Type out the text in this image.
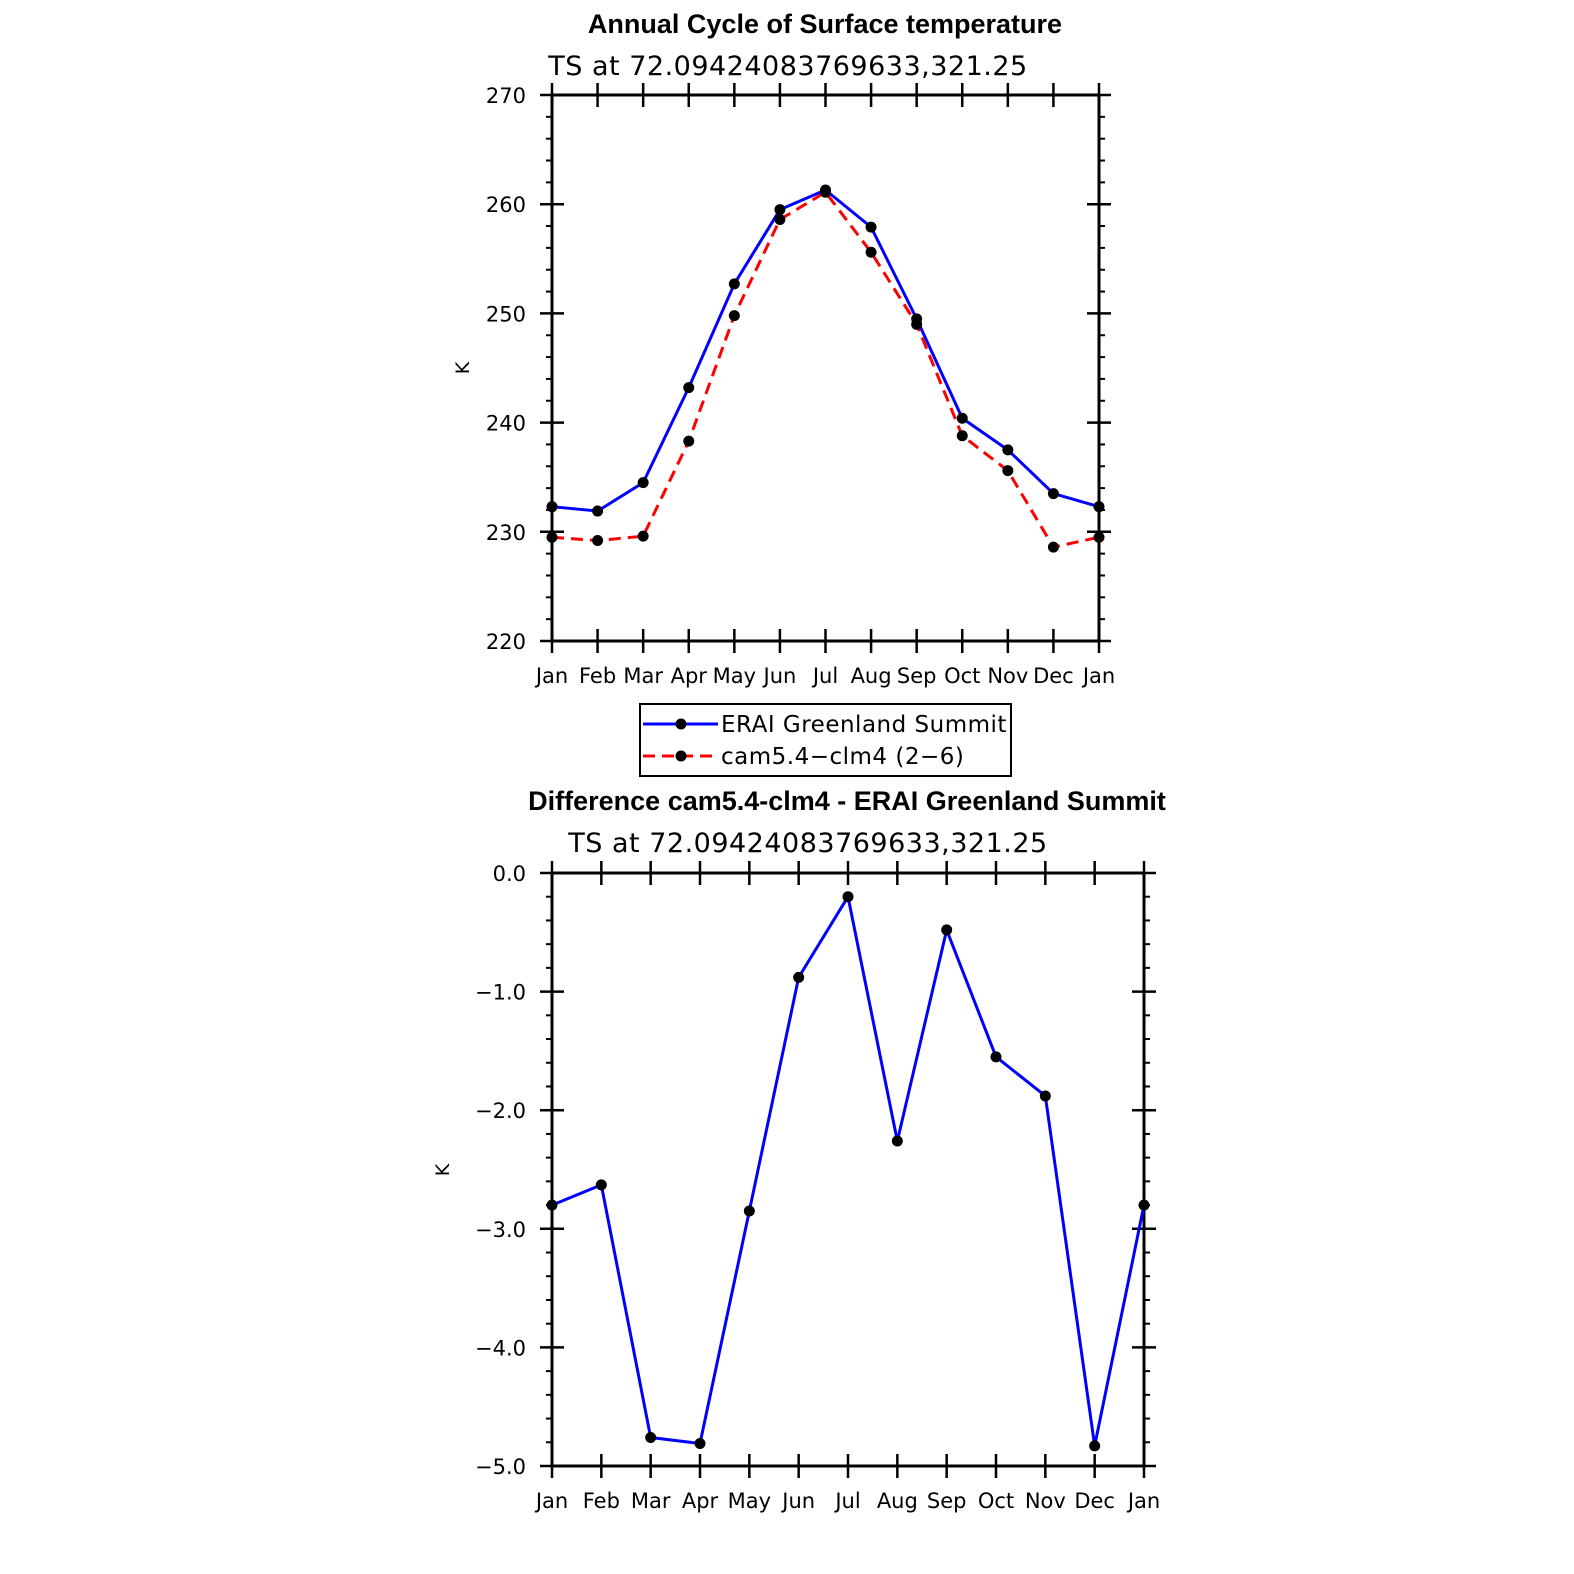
Annual Cycle of Surface temperature
TS at 72.09424083769633,321.25
K
Difference cam5.4-clm4 - ERAI Greenland Summit
TS at 72.09424083769633,321.25
K
220
230
240
250
260
270
Jan Feb Mar Apr May Jun Jul Aug Sep Oct Nov Dec Jan
−5.0
−4.0
−3.0
−2.0
−1.0
0.0
Jan Feb Mar Apr May Jun Jul Aug Sep Oct Nov Dec Jan
ERAI Greenland Summit
cam5.4−clm4 (2−6)
